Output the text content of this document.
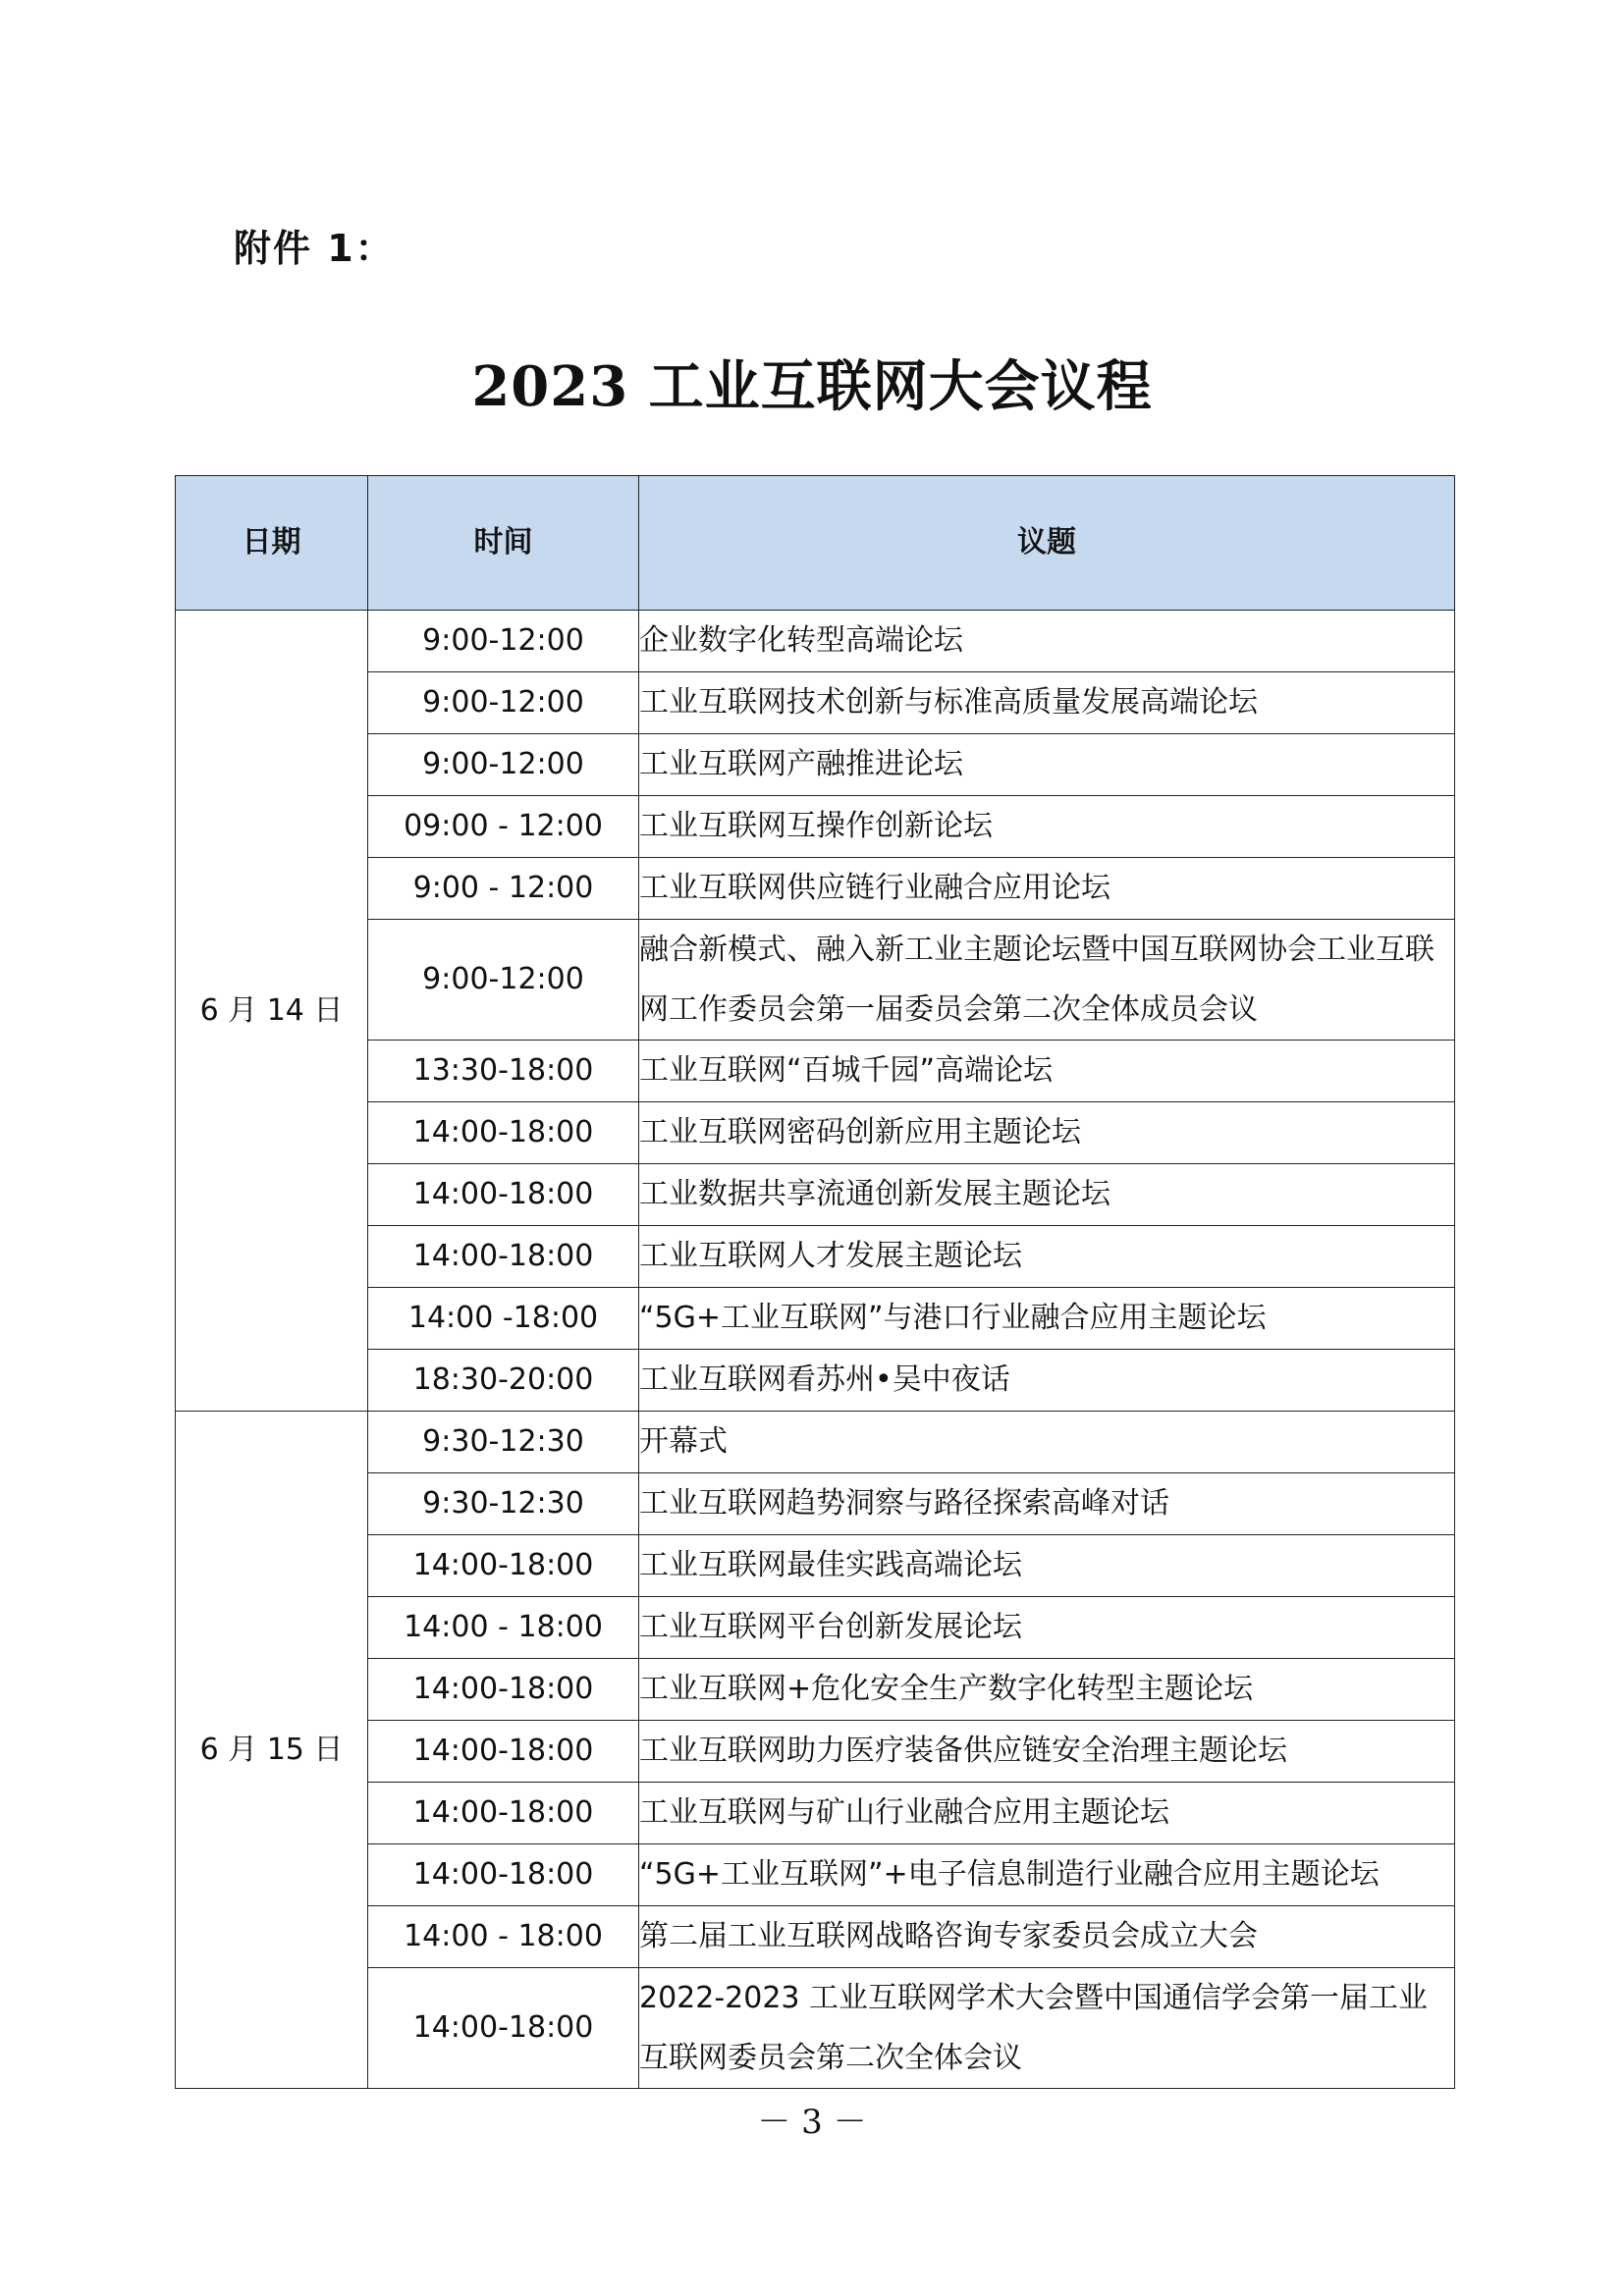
附件 1：
2023 工业互联网大会议程
日期	时间	议题
6 月 14 日	9:00-12:00	企业数字化转型高端论坛
	9:00-12:00	工业互联网技术创新与标准高质量发展高端论坛
	9:00-12:00	工业互联网产融推进论坛
	09:00 - 12:00	工业互联网互操作创新论坛
	9:00 - 12:00	工业互联网供应链行业融合应用论坛
	9:00-12:00	融合新模式、融入新工业主题论坛暨中国互联网协会工业互联网工作委员会第一届委员会第二次全体成员会议
	13:30-18:00	工业互联网“百城千园”高端论坛
	14:00-18:00	工业互联网密码创新应用主题论坛
	14:00-18:00	工业数据共享流通创新发展主题论坛
	14:00-18:00	工业互联网人才发展主题论坛
	14:00 -18:00	“5G+工业互联网”与港口行业融合应用主题论坛
	18:30-20:00	工业互联网看苏州•吴中夜话
6 月 15 日	9:30-12:30	开幕式
	9:30-12:30	工业互联网趋势洞察与路径探索高峰对话
	14:00-18:00	工业互联网最佳实践高端论坛
	14:00 - 18:00	工业互联网平台创新发展论坛
	14:00-18:00	工业互联网+危化安全生产数字化转型主题论坛
	14:00-18:00	工业互联网助力医疗装备供应链安全治理主题论坛
	14:00-18:00	工业互联网与矿山行业融合应用主题论坛
	14:00-18:00	“5G+工业互联网”+电子信息制造行业融合应用主题论坛
	14:00 - 18:00	第二届工业互联网战略咨询专家委员会成立大会
	14:00-18:00	2022-2023 工业互联网学术大会暨中国通信学会第一届工业互联网委员会第二次全体会议
－ 3 －
